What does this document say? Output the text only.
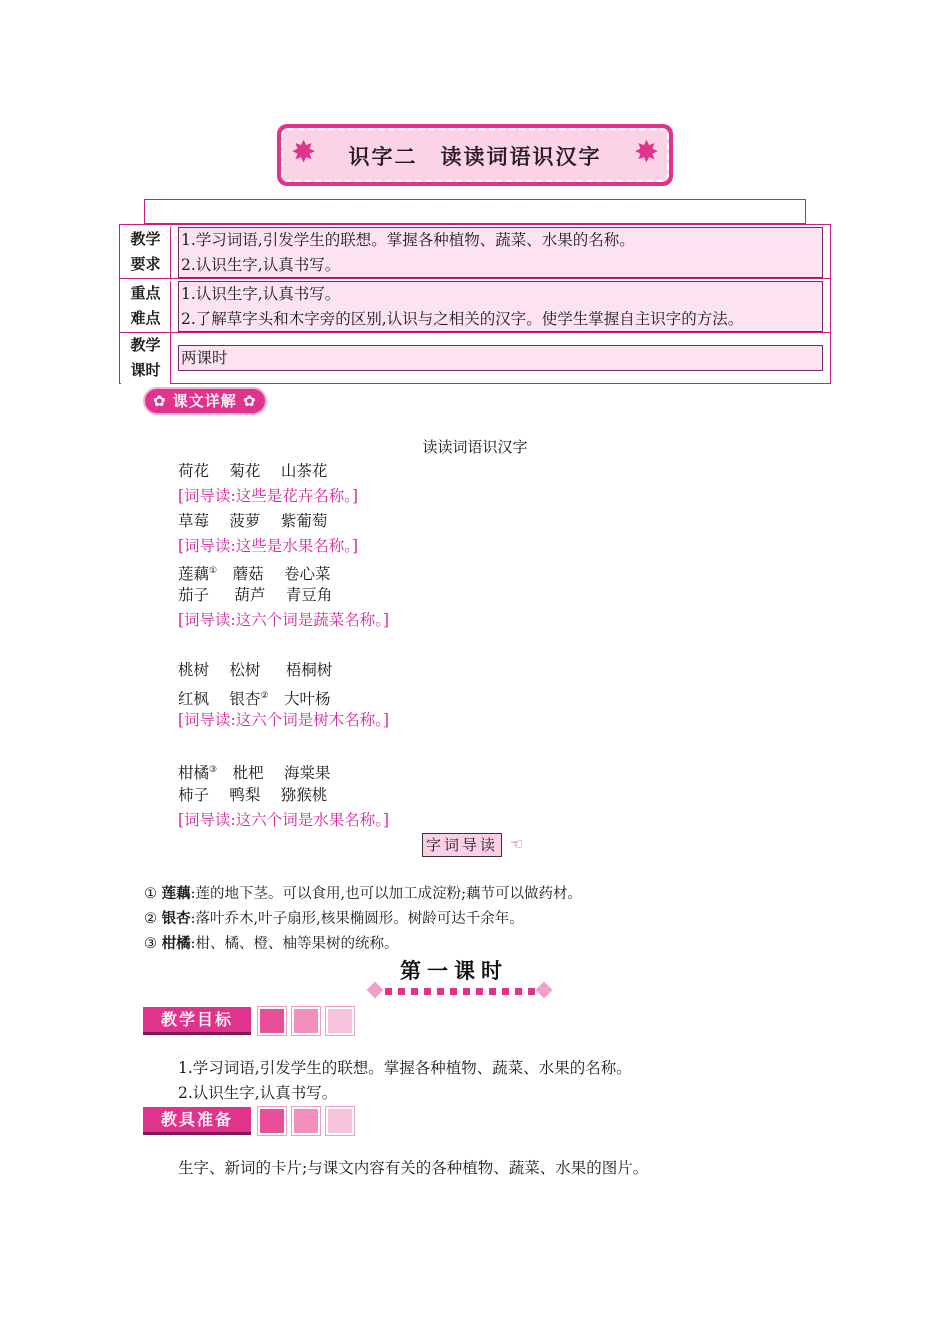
✸	识字二　读读词语识汉字	✸
教学
要求
1.学习词语,引发学生的联想。掌握各种植物、蔬菜、水果的名称。
2.认识生字,认真书写。
重点
难点
1.认识生字,认真书写。
2.了解草字头和木字旁的区别,认识与之相关的汉字。使学生掌握自主识字的方法。
教学
课时
两课时
✿ 课文详解 ✿
读读词语识汉字
荷花　 菊花　 山茶花
[词导读:这些是花卉名称。]
草莓　 菠萝　 紫葡萄
[词导读:这些是水果名称。]
莲藕①　蘑菇　 卷心菜
茄子 　 葫芦 　青豆角
[词导读:这六个词是蔬菜名称。]
桃树　 松树 　 梧桐树
红枫 　银杏②　大叶杨
[词导读:这六个词是树木名称。]
柑橘③　枇杷　 海棠果
柿子　 鸭梨　 猕猴桃
[词导读:这六个词是水果名称。]
字词导读 ☜
① 莲藕:莲的地下茎。可以食用,也可以加工成淀粉;藕节可以做药材。
② 银杏:落叶乔木,叶子扇形,核果椭圆形。树龄可达千余年。
③ 柑橘:柑、橘、橙、柚等果树的统称。
第一课时
教学目标
1.学习词语,引发学生的联想。掌握各种植物、蔬菜、水果的名称。
2.认识生字,认真书写。
教具准备
生字、新词的卡片;与课文内容有关的各种植物、蔬菜、水果的图片。
